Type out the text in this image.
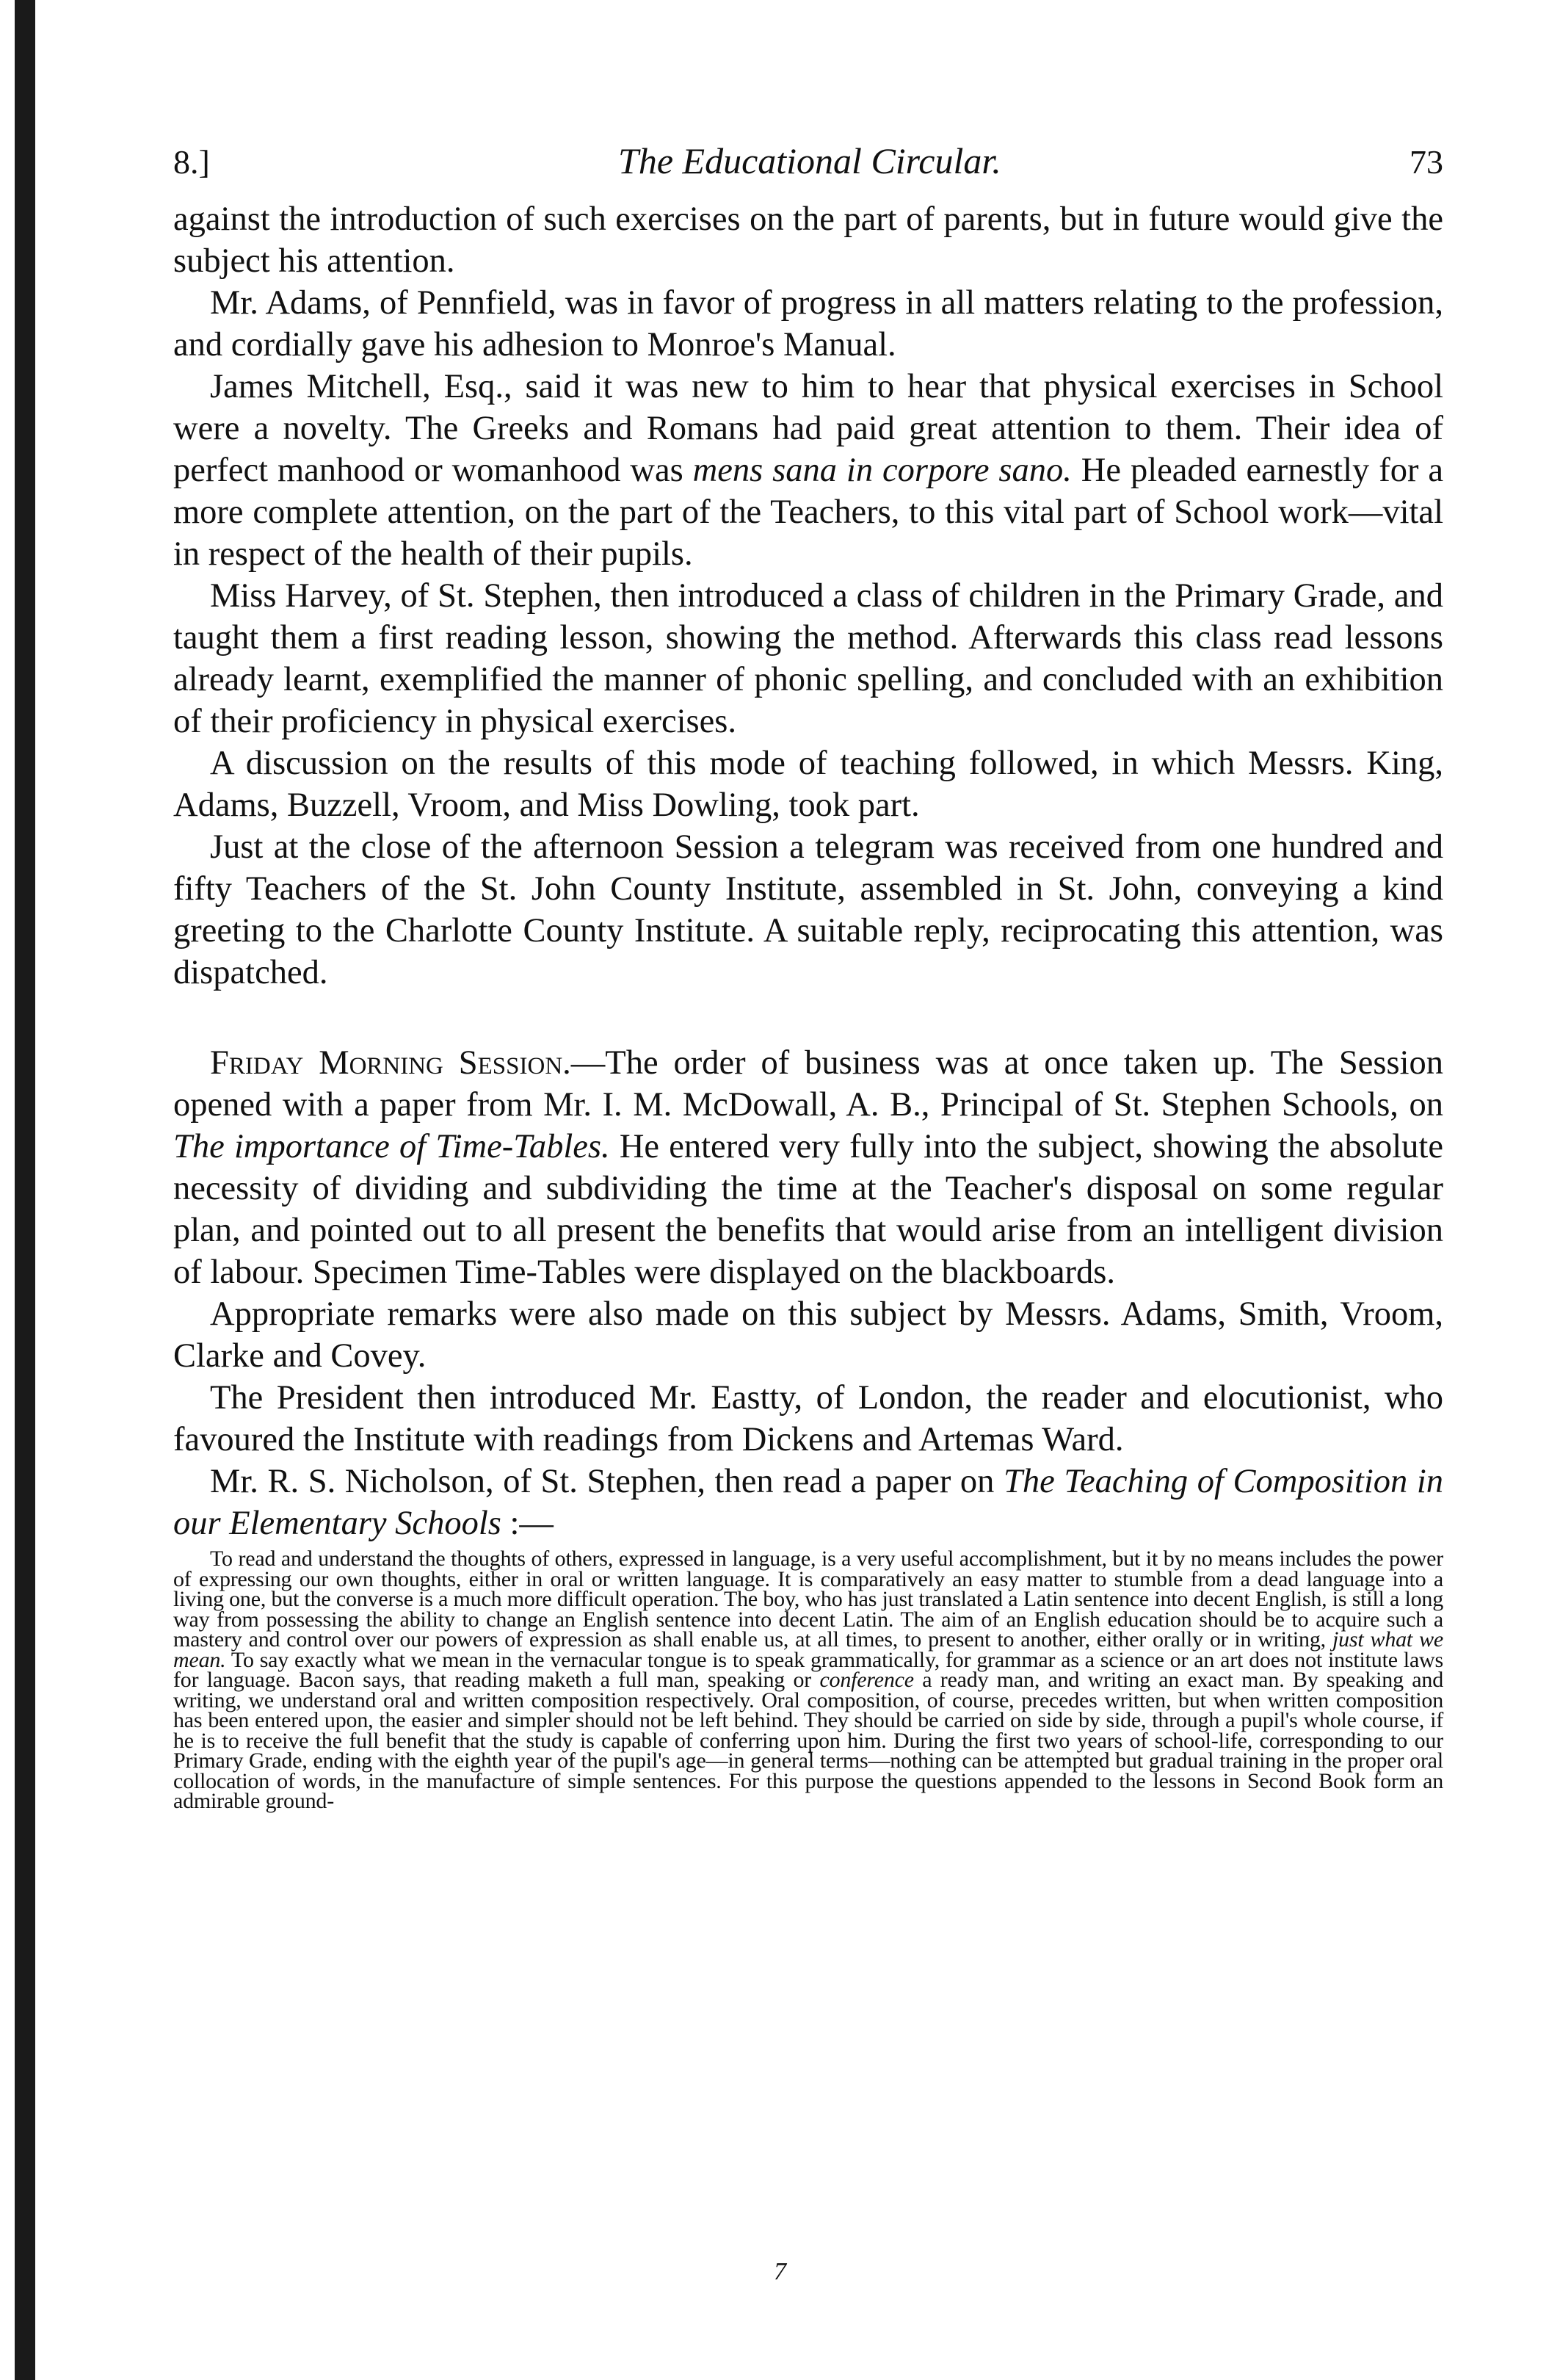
8.]	The Educational Circular.	73

against the introduction of such exercises on the part of parents, but in future would give the subject his attention.

Mr. Adams, of Pennfield, was in favor of progress in all matters relating to the profession, and cordially gave his adhesion to Monroe's Manual.

James Mitchell, Esq., said it was new to him to hear that physical exercises in School were a novelty. The Greeks and Romans had paid great attention to them. Their idea of perfect manhood or womanhood was mens sana in corpore sano. He pleaded earnestly for a more complete attention, on the part of the Teachers, to this vital part of School work—vital in respect of the health of their pupils.

Miss Harvey, of St. Stephen, then introduced a class of children in the Primary Grade, and taught them a first reading lesson, showing the method. Afterwards this class read lessons already learnt, exemplified the manner of phonic spelling, and concluded with an exhibition of their proficiency in physical exercises.

A discussion on the results of this mode of teaching followed, in which Messrs. King, Adams, Buzzell, Vroom, and Miss Dowling, took part.

Just at the close of the afternoon Session a telegram was received from one hundred and fifty Teachers of the St. John County Institute, assembled in St. John, conveying a kind greeting to the Charlotte County Institute. A suitable reply, reciprocating this attention, was dispatched.

Friday Morning Session.—The order of business was at once taken up. The Session opened with a paper from Mr. I. M. McDowall, A. B., Principal of St. Stephen Schools, on The importance of Time-Tables. He entered very fully into the subject, showing the absolute necessity of dividing and subdividing the time at the Teacher's disposal on some regular plan, and pointed out to all present the benefits that would arise from an intelligent division of labour. Specimen Time-Tables were displayed on the blackboards.

Appropriate remarks were also made on this subject by Messrs. Adams, Smith, Vroom, Clarke and Covey.

The President then introduced Mr. Eastty, of London, the reader and elocutionist, who favoured the Institute with readings from Dickens and Artemas Ward.

Mr. R. S. Nicholson, of St. Stephen, then read a paper on The Teaching of Composition in our Elementary Schools :—

To read and understand the thoughts of others, expressed in language, is a very useful accomplishment, but it by no means includes the power of expressing our own thoughts, either in oral or written language. It is comparatively an easy matter to stumble from a dead language into a living one, but the converse is a much more difficult operation. The boy, who has just translated a Latin sentence into decent English, is still a long way from possessing the ability to change an English sentence into decent Latin. The aim of an English education should be to acquire such a mastery and control over our powers of expression as shall enable us, at all times, to present to another, either orally or in writing, just what we mean. To say exactly what we mean in the vernacular tongue is to speak grammatically, for grammar as a science or an art does not institute laws for language. Bacon says, that reading maketh a full man, speaking or conference a ready man, and writing an exact man. By speaking and writing, we understand oral and written composition respectively. Oral composition, of course, precedes written, but when written composition has been entered upon, the easier and simpler should not be left behind. They should be carried on side by side, through a pupil's whole course, if he is to receive the full benefit that the study is capable of conferring upon him. During the first two years of school-life, corresponding to our Primary Grade, ending with the eighth year of the pupil's age—in general terms—nothing can be attempted but gradual training in the proper oral collocation of words, in the manufacture of simple sentences. For this purpose the questions appended to the lessons in Second Book form an admirable ground-

7
